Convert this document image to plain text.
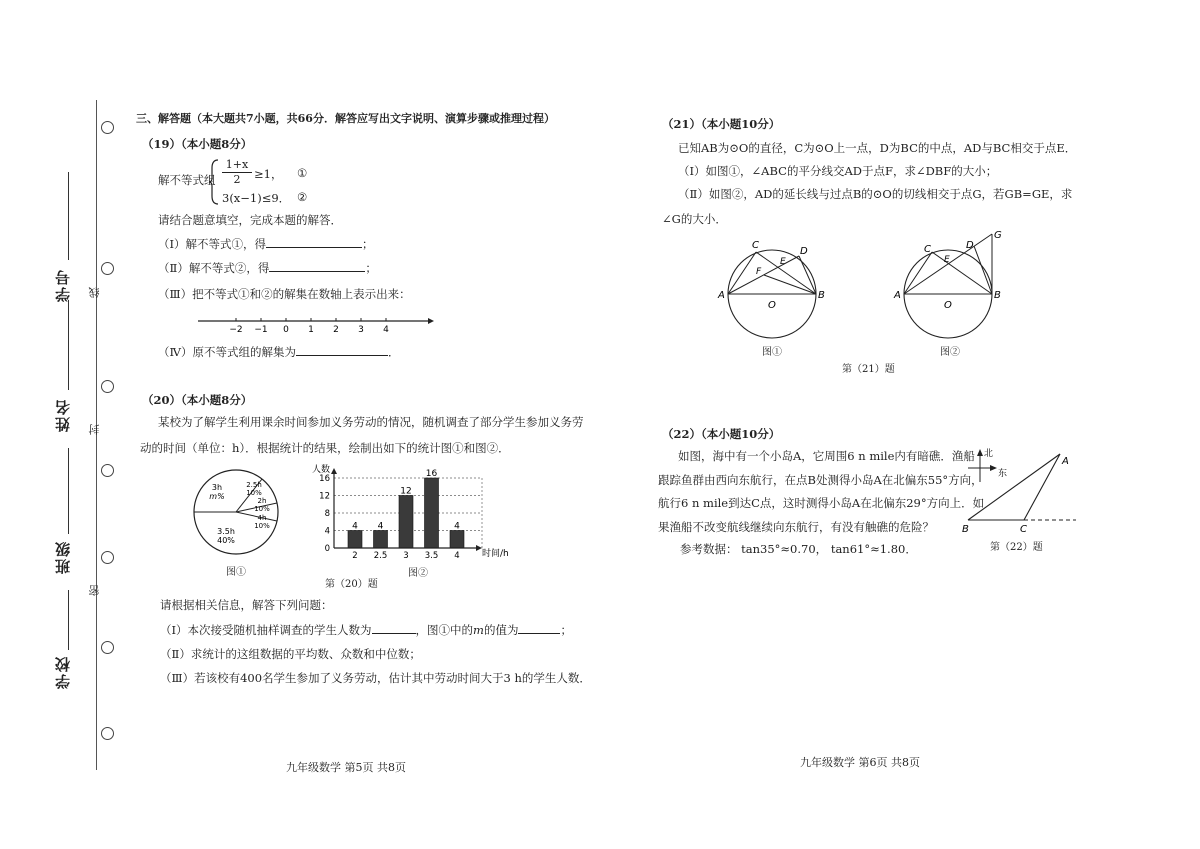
学号
姓名
班级
学校
线
封
密
三、解答题（本大题共7小题，共66分．解答应写出文字说明、演算步骤或推理过程）
（19）（本小题8分）
解不等式组 $\frac{1+x}{2} \ge 1$， ①
3(x−1)≤9． ②
请结合题意填空，完成本题的解答．
（Ⅰ）解不等式①，得	；
（Ⅱ）解不等式②，得	；
（Ⅲ）把不等式①和②的解集在数轴上表示出来：
−2 −1 0 1 2 3 4
（Ⅳ）原不等式组的解集为	．
（20）（本小题8分）
某校为了解学生利用课余时间参加义务劳动的情况，随机调查了部分学生参加义务劳
动的时间（单位：h）．根据统计的结果，绘制出如下的统计图①和图②．
3h m%
2.5h 10%
2h 10%
4h 10%
3.5h 40%
图①
0
4
8
12
16
4 4
12
16
4
2 2.5 3 3.5 4
人数
时间/h
第（20）题
图②
请根据相关信息，解答下列问题：
（Ⅰ）本次接受随机抽样调查的学生人数为	，图①中的m的值为	；
（Ⅱ）求统计的这组数据的平均数、众数和中位数；
（Ⅲ）若该校有400名学生参加了义务劳动，估计其中劳动时间大于3 h的学生人数．
九年级数学 第5页 共8页
（21）（本小题10分）
已知AB为⊙O的直径，C为⊙O上一点，D为BC的中点，AD与BC相交于点E．
（Ⅰ）如图①，∠ABC的平分线交AD于点F，求∠DBF的大小；
（Ⅱ）如图②，AD的延长线与过点B的⊙O的切线相交于点G，若GB=GE，求
∠G的大小．
A	B
C
D
E
F
O
图①
A	B
C	D
E
G
O
图②
第（21）题
（22）（本小题10分）
如图，海中有一个小岛A，它周围6 n mile内有暗礁．渔船
跟踪鱼群由西向东航行，在点B处测得小岛A在北偏东55°方向，
航行6 n mile到达C点，这时测得小岛A在北偏东29°方向上．如
果渔船不改变航线继续向东航行，有没有触礁的危险？
参考数据： tan35°≈0.70， tan61°≈1.80．
北
东
A
B	C
第（22）题
九年级数学 第6页 共8页
